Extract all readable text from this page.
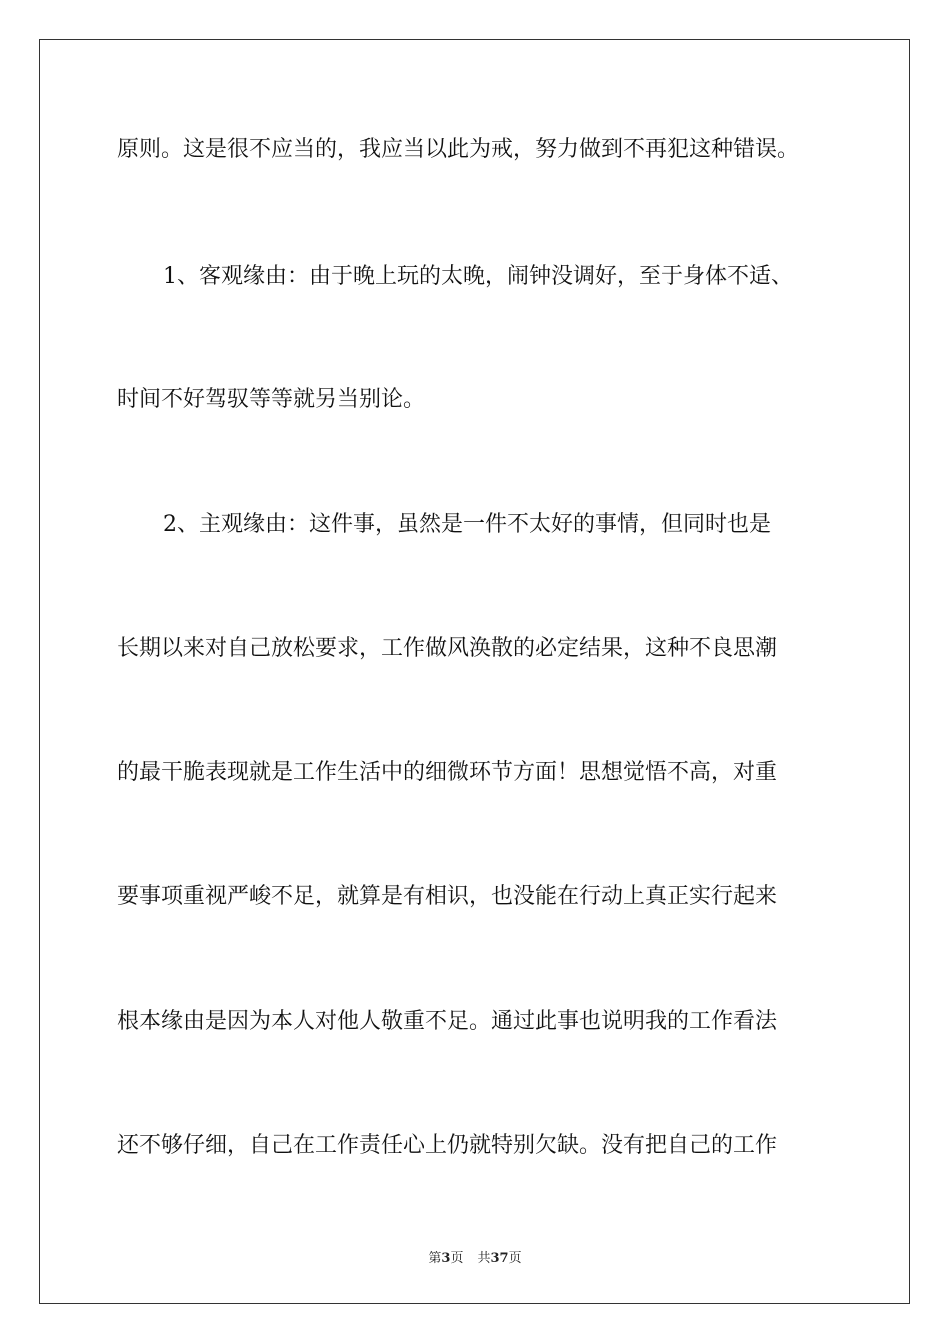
原则。这是很不应当的，我应当以此为戒，努力做到不再犯这种错误。

1、客观缘由：由于晚上玩的太晚，闹钟没调好，至于身体不适、

时间不好驾驭等等就另当别论。

2、主观缘由：这件事，虽然是一件不太好的事情，但同时也是

长期以来对自己放松要求，工作做风涣散的必定结果，这种不良思潮

的最干脆表现就是工作生活中的细微环节方面！思想觉悟不高，对重

要事项重视严峻不足，就算是有相识，也没能在行动上真正实行起来

根本缘由是因为本人对他人敬重不足。通过此事也说明我的工作看法

还不够仔细，自己在工作责任心上仍就特别欠缺。没有把自己的工作

第3页 共37页
